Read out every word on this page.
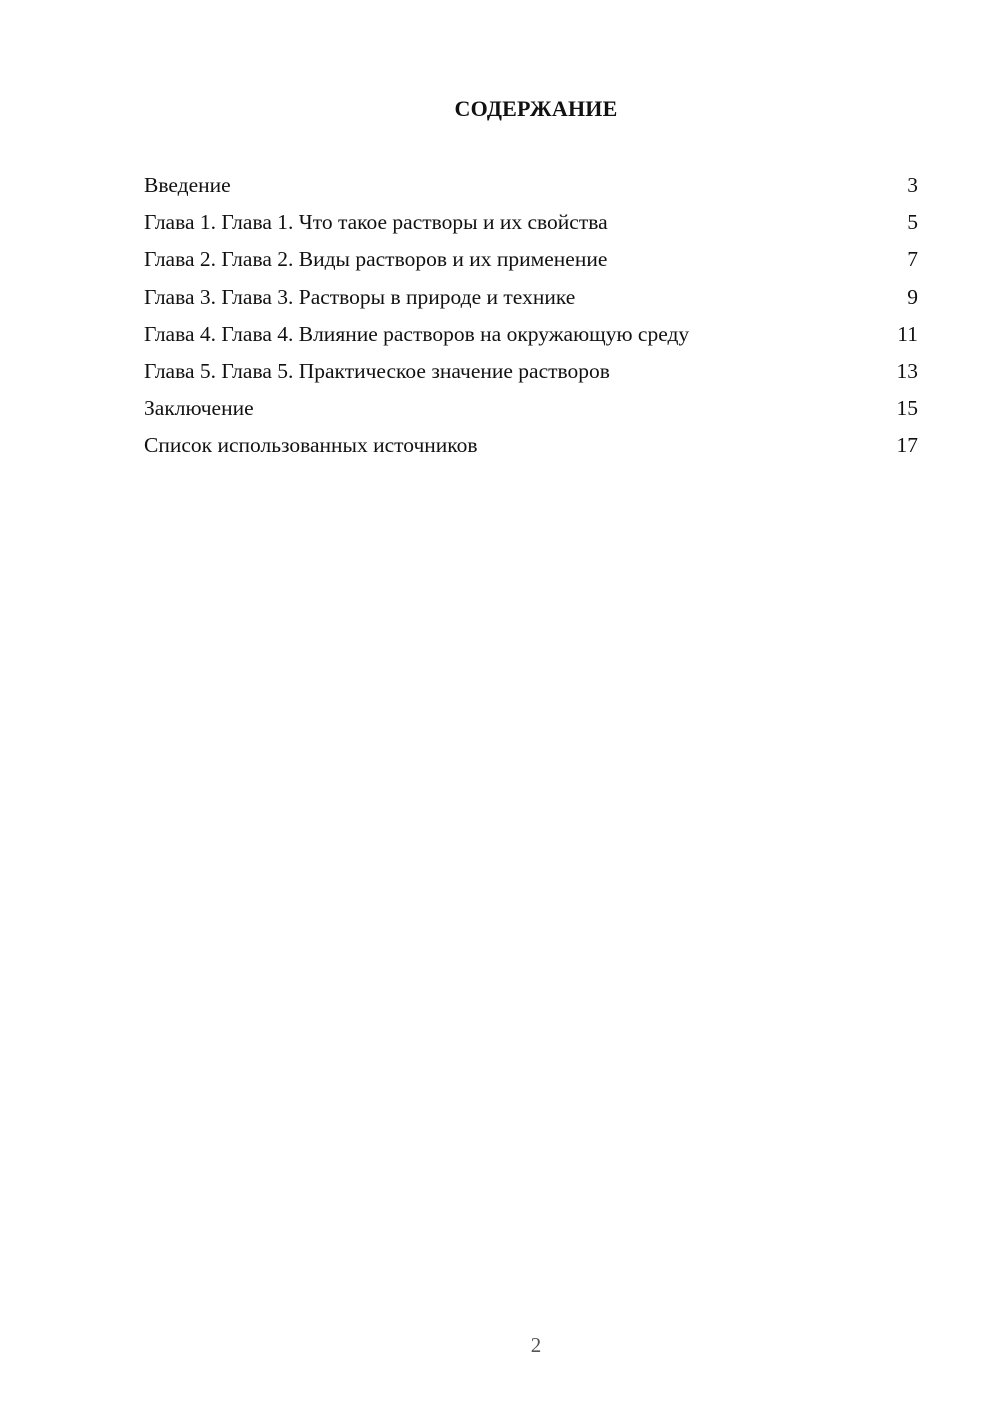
СОДЕРЖАНИЕ
Введение	3
Глава 1. Глава 1. Что такое растворы и их свойства	5
Глава 2. Глава 2. Виды растворов и их применение	7
Глава 3. Глава 3. Растворы в природе и технике	9
Глава 4. Глава 4. Влияние растворов на окружающую среду	11
Глава 5. Глава 5. Практическое значение растворов	13
Заключение	15
Список использованных источников	17
2
